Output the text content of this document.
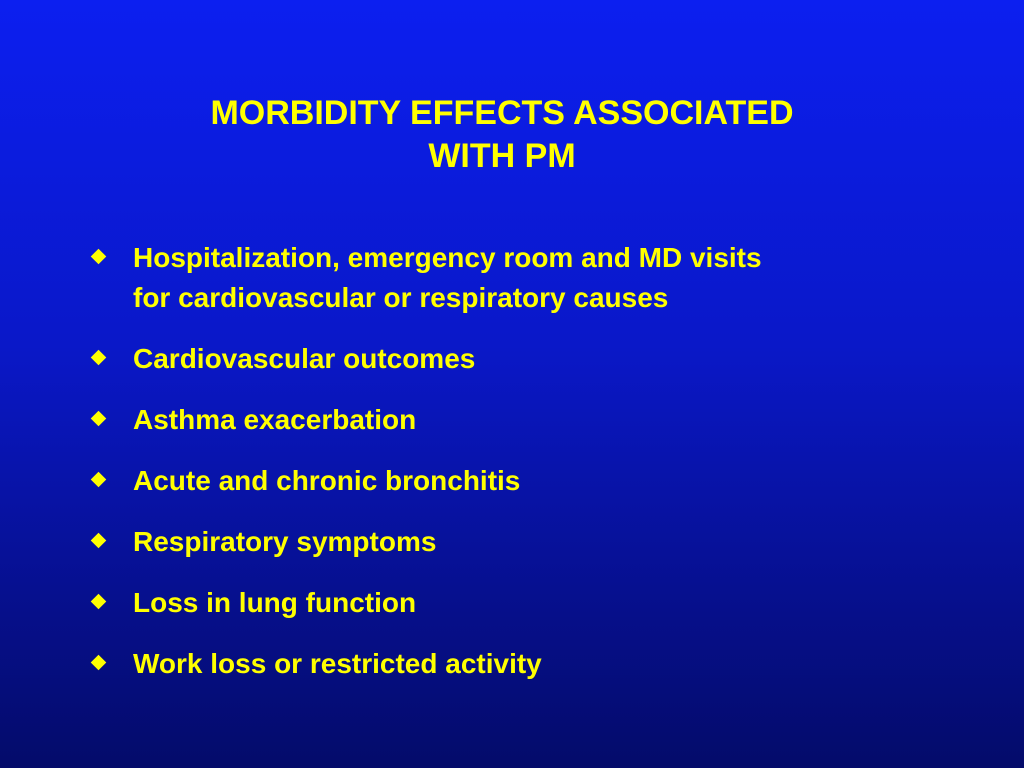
MORBIDITY EFFECTS ASSOCIATED
WITH PM
Hospitalization, emergency room and MD visits
for cardiovascular or respiratory causes
Cardiovascular outcomes
Asthma exacerbation
Acute and chronic bronchitis
Respiratory symptoms
Loss in lung function
Work loss or restricted activity
